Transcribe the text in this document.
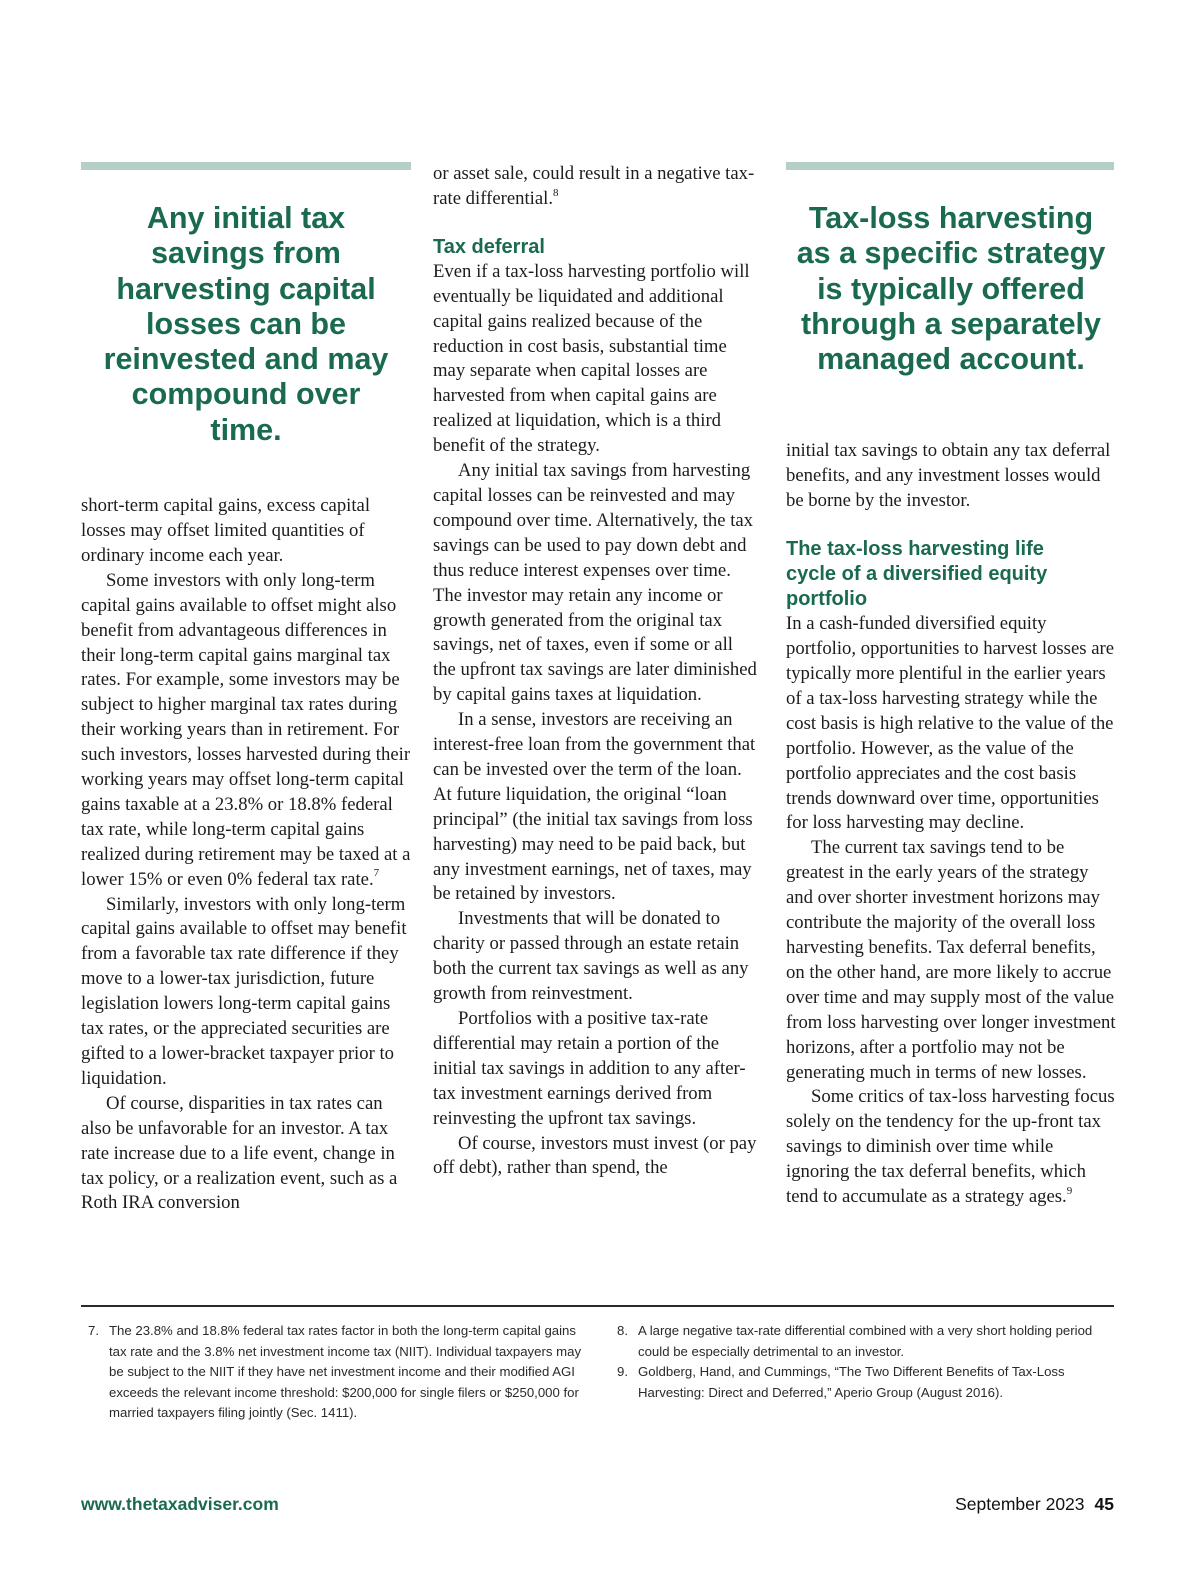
Any initial tax savings from harvesting capital losses can be reinvested and may compound over time.

short-term capital gains, excess capital losses may offset limited quantities of ordinary income each year.

Some investors with only long-term capital gains available to offset might also benefit from advantageous differences in their long-term capital gains marginal tax rates. For example, some investors may be subject to higher marginal tax rates during their working years than in retirement. For such investors, losses harvested during their working years may offset long-term capital gains taxable at a 23.8% or 18.8% federal tax rate, while long-term capital gains realized during retirement may be taxed at a lower 15% or even 0% federal tax rate.$^7$

Similarly, investors with only long-term capital gains available to offset may benefit from a favorable tax rate difference if they move to a lower-tax jurisdiction, future legislation lowers long-term capital gains tax rates, or the appreciated securities are gifted to a lower-bracket taxpayer prior to liquidation.

Of course, disparities in tax rates can also be unfavorable for an investor. A tax rate increase due to a life event, change in tax policy, or a realization event, such as a Roth IRA conversion

or asset sale, could result in a negative tax-rate differential.$^8$

Tax deferral

Even if a tax-loss harvesting portfolio will eventually be liquidated and additional capital gains realized because of the reduction in cost basis, substantial time may separate when capital losses are harvested from when capital gains are realized at liquidation, which is a third benefit of the strategy.

Any initial tax savings from harvesting capital losses can be reinvested and may compound over time. Alternatively, the tax savings can be used to pay down debt and thus reduce interest expenses over time. The investor may retain any income or growth generated from the original tax savings, net of taxes, even if some or all the upfront tax savings are later diminished by capital gains taxes at liquidation.

In a sense, investors are receiving an interest-free loan from the government that can be invested over the term of the loan. At future liquidation, the original “loan principal” (the initial tax savings from loss harvesting) may need to be paid back, but any investment earnings, net of taxes, may be retained by investors.

Investments that will be donated to charity or passed through an estate retain both the current tax savings as well as any growth from reinvestment.

Portfolios with a positive tax-rate differential may retain a portion of the initial tax savings in addition to any after-tax investment earnings derived from reinvesting the upfront tax savings.

Of course, investors must invest (or pay off debt), rather than spend, the

Tax-loss harvesting as a specific strategy is typically offered through a separately managed account.

initial tax savings to obtain any tax deferral benefits, and any investment losses would be borne by the investor.

The tax-loss harvesting life cycle of a diversified equity portfolio

In a cash-funded diversified equity portfolio, opportunities to harvest losses are typically more plentiful in the earlier years of a tax-loss harvesting strategy while the cost basis is high relative to the value of the portfolio. However, as the value of the portfolio appreciates and the cost basis trends downward over time, opportunities for loss harvesting may decline.

The current tax savings tend to be greatest in the early years of the strategy and over shorter investment horizons may contribute the majority of the overall loss harvesting benefits. Tax deferral benefits, on the other hand, are more likely to accrue over time and may supply most of the value from loss harvesting over longer investment horizons, after a portfolio may not be generating much in terms of new losses.

Some critics of tax-loss harvesting focus solely on the tendency for the up-front tax savings to diminish over time while ignoring the tax deferral benefits, which tend to accumulate as a strategy ages.$^9$

7. The 23.8% and 18.8% federal tax rates factor in both the long-term capital gains tax rate and the 3.8% net investment income tax (NIIT). Individual taxpayers may be subject to the NIIT if they have net investment income and their modified AGI exceeds the relevant income threshold: $200,000 for single filers or $250,000 for married taxpayers filing jointly (Sec. 1411).
8. A large negative tax-rate differential combined with a very short holding period could be especially detrimental to an investor.
9. Goldberg, Hand, and Cummings, “The Two Different Benefits of Tax-Loss Harvesting: Direct and Deferred,” Aperio Group (August 2016).
www.thetaxadviser.com	September 2023 45
